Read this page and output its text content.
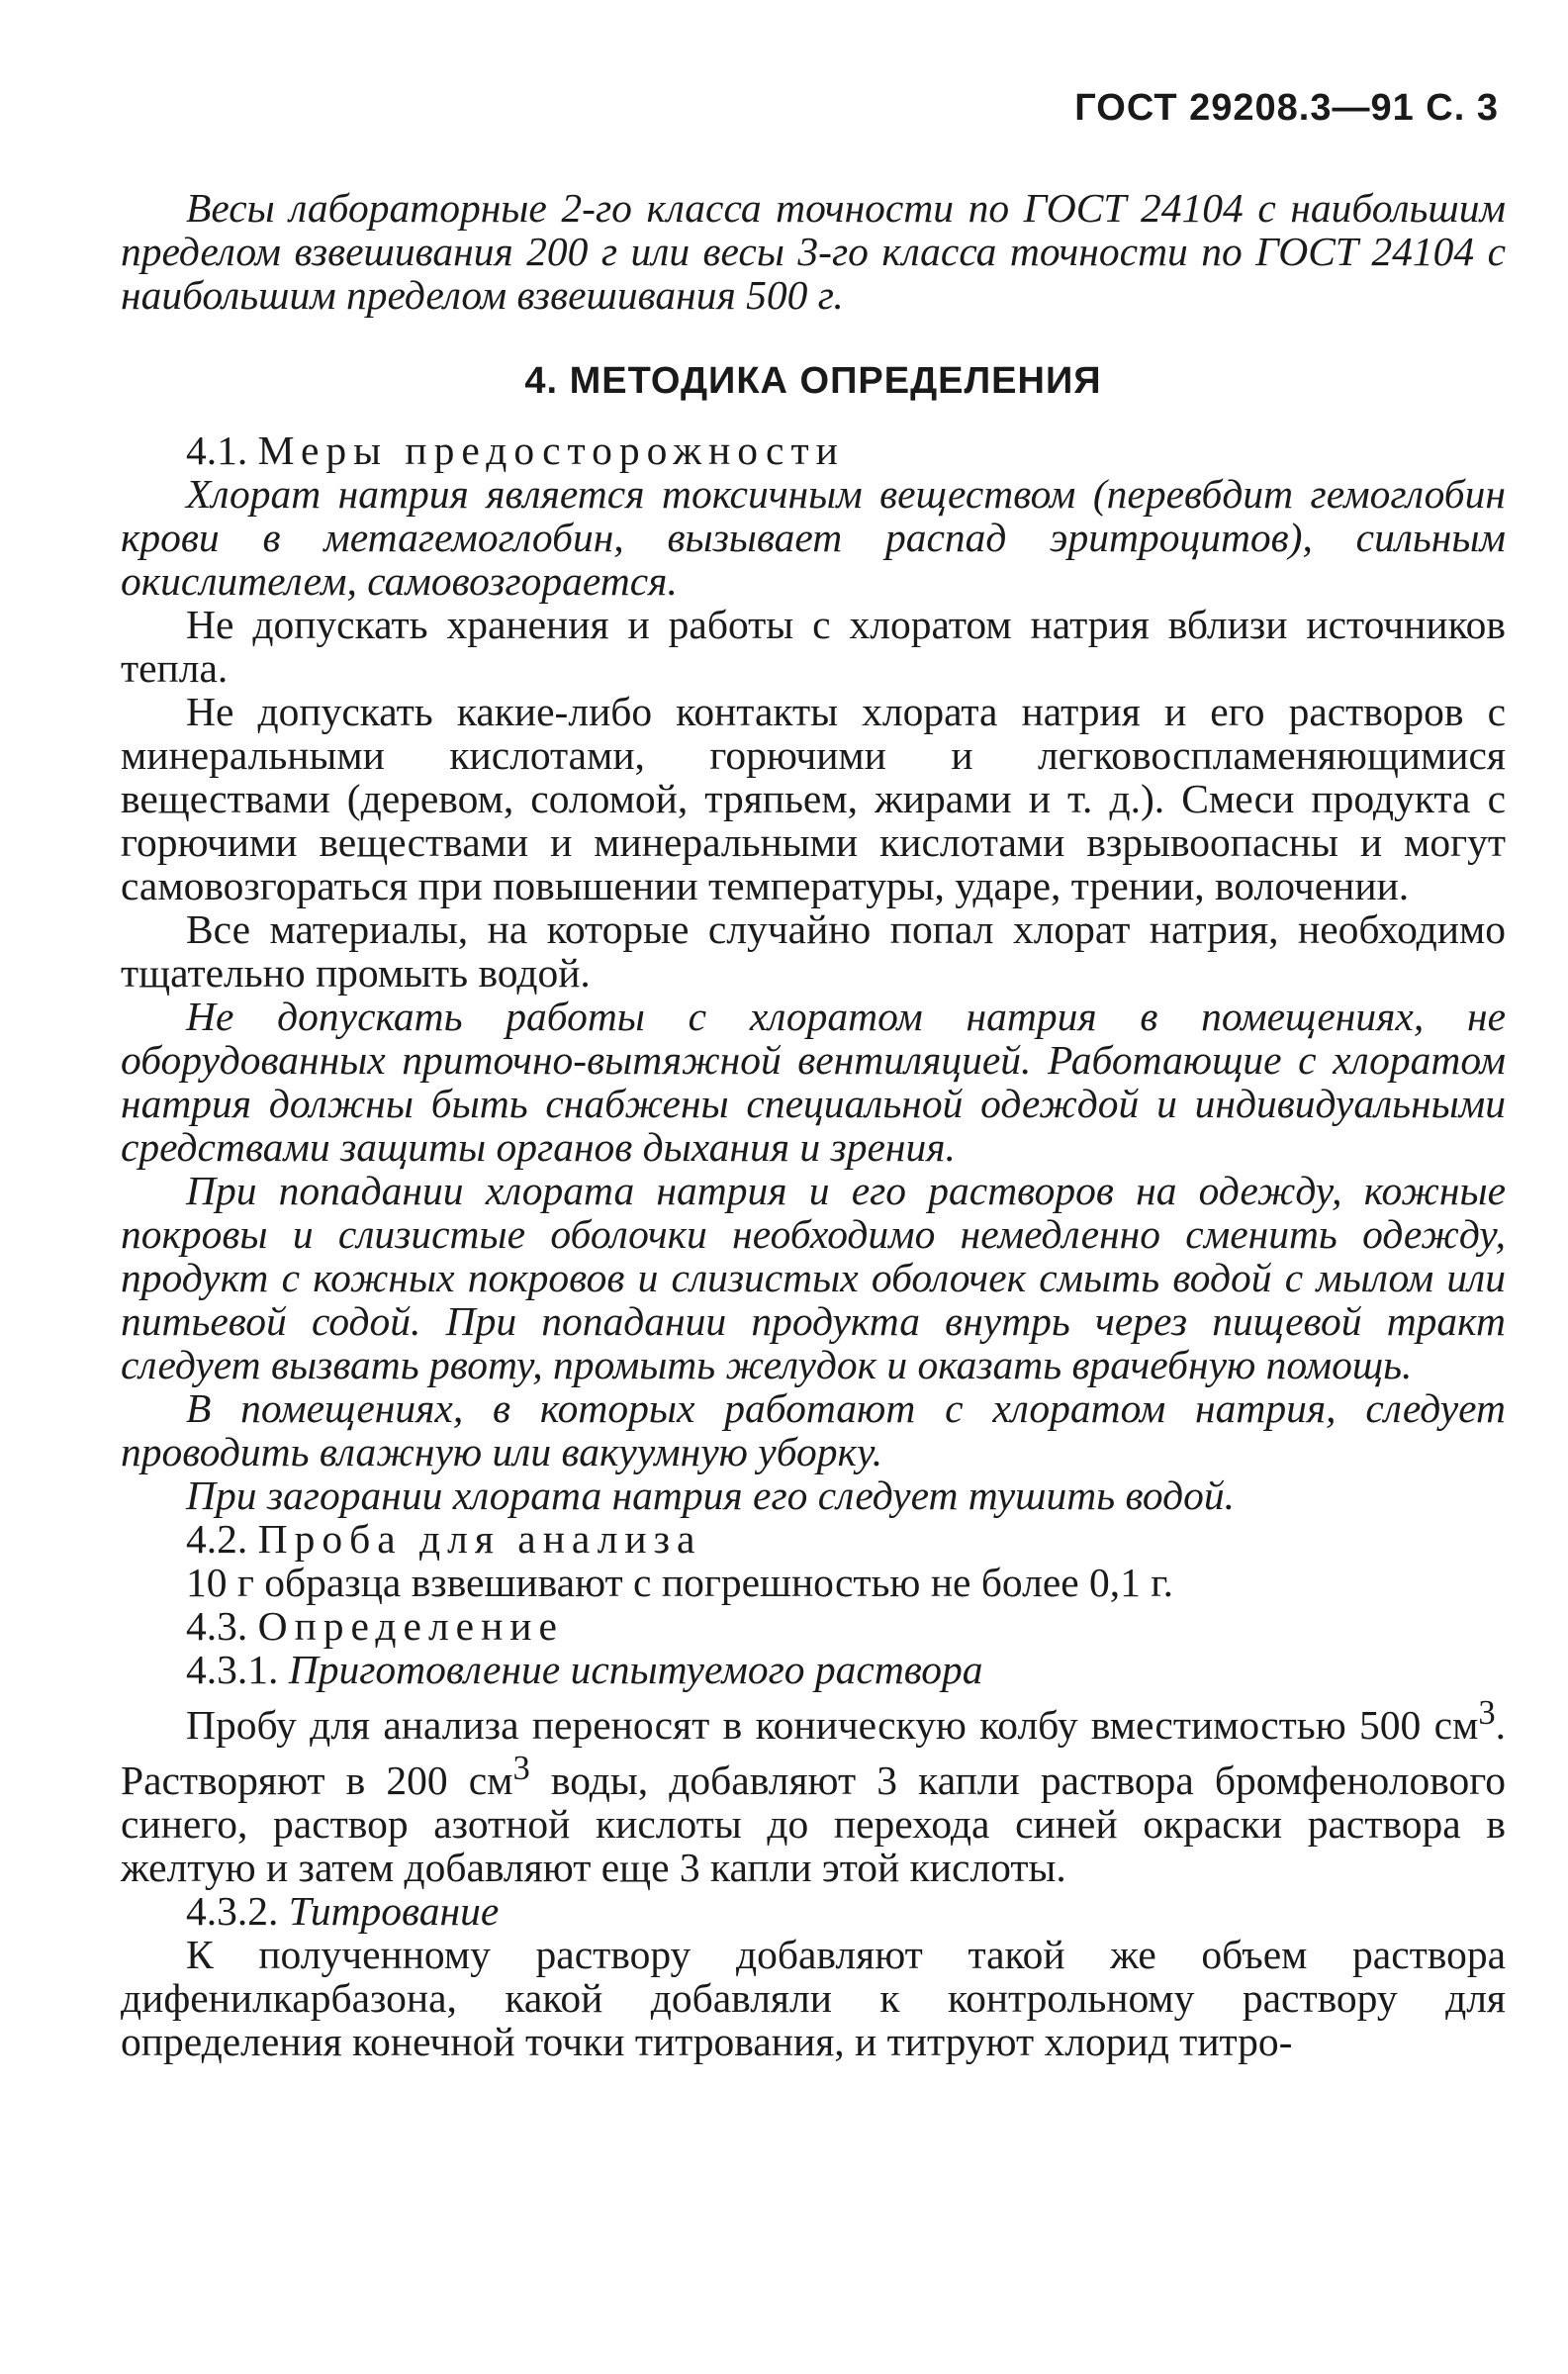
ГОСТ 29208.3—91 С. 3

Весы лабораторные 2-го класса точности по ГОСТ 24104 с наибольшим пределом взвешивания 200 г или весы 3-го класса точности по ГОСТ 24104 с наибольшим пределом взвешивания 500 г.

4. МЕТОДИКА ОПРЕДЕЛЕНИЯ

4.1. Меры предосторожности

Хлорат натрия является токсичным веществом (перевбдит гемоглобин крови в метагемоглобин, вызывает распад эритроцитов), сильным окислителем, самовозгорается.

Не допускать хранения и работы с хлоратом натрия вблизи источников тепла.

Не допускать какие-либо контакты хлората натрия и его растворов с минеральными кислотами, горючими и легковоспламеняющимися веществами (деревом, соломой, тряпьем, жирами и т. д.). Смеси продукта с горючими веществами и минеральными кислотами взрывоопасны и могут самовозгораться при повышении температуры, ударе, трении, волочении.

Все материалы, на которые случайно попал хлорат натрия, необходимо тщательно промыть водой.

Не допускать работы с хлоратом натрия в помещениях, не оборудованных приточно-вытяжной вентиляцией. Работающие с хлоратом натрия должны быть снабжены специальной одеждой и индивидуальными средствами защиты органов дыхания и зрения.

При попадании хлората натрия и его растворов на одежду, кожные покровы и слизистые оболочки необходимо немедленно сменить одежду, продукт с кожных покровов и слизистых оболочек смыть водой с мылом или питьевой содой. При попадании продукта внутрь через пищевой тракт следует вызвать рвоту, промыть желудок и оказать врачебную помощь.

В помещениях, в которых работают с хлоратом натрия, следует проводить влажную или вакуумную уборку.

При загорании хлората натрия его следует тушить водой.

4.2. Проба для анализа

10 г образца взвешивают с погрешностью не более 0,1 г.

4.3. Определение

4.3.1. Приготовление испытуемого раствора

Пробу для анализа переносят в коническую колбу вместимостью 500 $см^3$. Растворяют в 200 $см^3$ воды, добавляют 3 капли раствора бромфенолового синего, раствор азотной кислоты до перехода синей окраски раствора в желтую и затем добавляют еще 3 капли этой кислоты.

4.3.2. Титрование

К полученному раствору добавляют такой же объем раствора дифенилкарбазона, какой добавляли к контрольному раствору для определения конечной точки титрования, и титруют хлорид титро-
